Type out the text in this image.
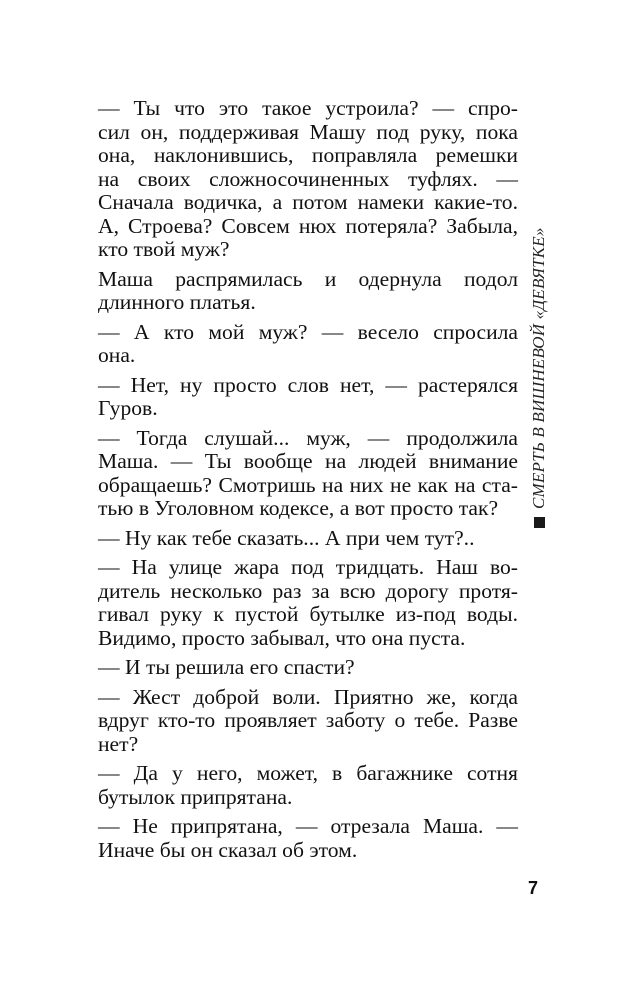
— Ты что это такое устроила? — спро-
сил он, поддерживая Машу под руку, пока
она, наклонившись, поправляла ремешки
на своих сложносочиненных туфлях. —
Сначала водичка, а потом намеки какие-то.
А, Строева? Совсем нюх потеряла? Забыла,
кто твой муж?

Маша распрямилась и одернула подол
длинного платья.

— А кто мой муж? — весело спросила
она.

— Нет, ну просто слов нет, — растерялся
Гуров.

— Тогда слушай... муж, — продолжила
Маша. — Ты вообще на людей внимание
обращаешь? Смотришь на них не как на ста-
тью в Уголовном кодексе, а вот просто так?

— Ну как тебе сказать... А при чем тут?..

— На улице жара под тридцать. Наш во-
дитель несколько раз за всю дорогу протя-
гивал руку к пустой бутылке из-под воды.
Видимо, просто забывал, что она пуста.

— И ты решила его спасти?

— Жест доброй воли. Приятно же, когда
вдруг кто-то проявляет заботу о тебе. Разве
нет?

— Да у него, может, в багажнике сотня
бутылок припрятана.

— Не припрятана, — отрезала Маша. —
Иначе бы он сказал об этом.

СМЕРТЬ В ВИШНЕВОЙ «ДЕВЯТКЕ»
7
